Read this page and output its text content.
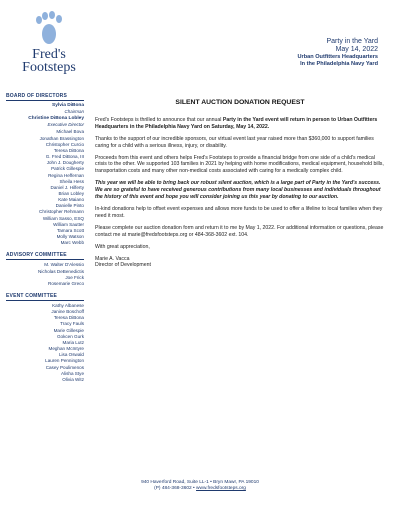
Fred's
Footsteps
Party in the Yard
May 14, 2022
Urban Outfitters Headquarters
In the Philadelphia Navy Yard
BOARD OF DIRECTORS
Sylvia DiBona
Chairman
Christine DiBona Lobley
Executive Director
Michael Bova
Jonathan Brassington
Christopher Curcio
Teresa DiBona
G. Fred DiBona, III
John J. Dougherty
Patrick Gillespie
Regina Heffernan
Sheila Hess
Daniel J. Hilferty
Brian Lobley
Kate Maiano
Danielle Pinto
Christopher Rehmann
William Sasso, ESQ
William Sautter
Tamara Scott
Molly Watson
Marc Webb
ADVISORY COMMITTEE
M. Walter D'Alessio
Nicholas DeBenedictis
Joe Frick
Rosemarie Greco
EVENT COMMITTEE
Kathy Albanese
Janine Boschoff
Teresa DiBona
Tracy Fauls
Marie Gillespie
Gokcen Gurk
Maria Lutz
Meghan McIntyre
Lisa Oswald
Lauren Pennington
Casey Poulimenos
Alisha Stye
Olivia Witz

SILENT AUCTION DONATION REQUEST

Fred's Footsteps is thrilled to announce that our annual Party in the Yard event will return in person to Urban Outfitters Headquarters in the Philadelphia Navy Yard on Saturday, May 14, 2022.

Thanks to the support of our incredible sponsors, our virtual event last year raised more than $360,000 to support families caring for a child with a serious illness, injury, or disability.

Proceeds from this event and others helps Fred's Footsteps to provide a financial bridge from one side of a child's medical crisis to the other. We supported 103 families in 2021 by helping with home modifications, medical equipment, household bills, transportation costs and many other non-medical costs associated with caring for a medically complex child.

This year we will be able to bring back our robust silent auction, which is a large part of Party in the Yard's success. We are so grateful to have received generous contributions from many local businesses and individuals throughout the history of this event and hope you will consider joining us this year by donating to our auction.

In-kind donations help to offset event expenses and allows more funds to be used to offer a lifeline to local families when they need it most.

Please complete our auction donation form and return it to me by May 1, 2022. For additional information or questions, please contact me at marie@fredsfootsteps.org or 484-368-3602 ext. 104.

With great appreciation,

Marie A. Vacca
Director of Development
940 Haverford Road, Suite LL-1 • Bryn Mawr, PA 19010
(P) 484-368-3602 • www.fredsfootsteps.org
